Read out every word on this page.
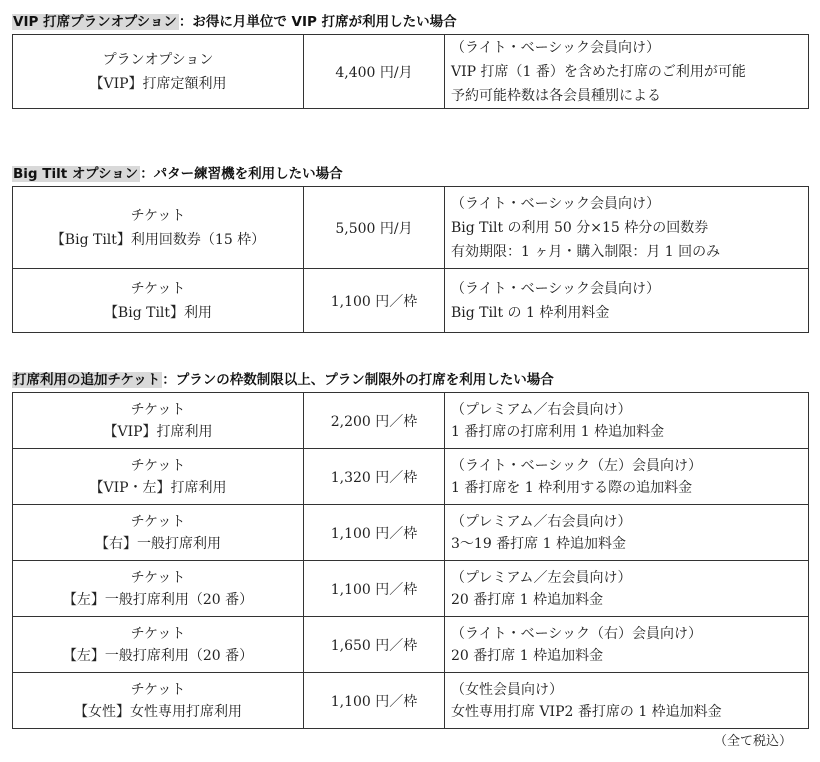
VIP 打席プランオプション ：お得に月単位で VIP 打席が利用したい場合
プランオプション
【VIP】打席定額利用
	4,400 円/月	
（ライト・ベーシック会員向け）
VIP 打席（1 番）を含めた打席のご利用が可能
予約可能枠数は各会員種別による
Big Tilt オプション ：パター練習機を利用したい場合
チケット
【Big Tilt】利用回数券（15 枠）	5,500 円/月	（ライト・ベーシック会員向け）
Big Tilt の利用 50 分×15 枠分の回数券
有効期限：1 ヶ月・購入制限：月 1 回のみ

チケット
【Big Tilt】利用	1,100 円／枠	（ライト・ベーシック会員向け）
Big Tilt の 1 枠利用料金
打席利用の追加チケット ：プランの枠数制限以上、プラン制限外の打席を利用したい場合
チケット
【VIP】打席利用	2,200 円／枠	（プレミアム／右会員向け）
1 番打席の打席利用 1 枠追加料金

チケット
【VIP・左】打席利用	1,320 円／枠	（ライト・ベーシック（左）会員向け）
1 番打席を 1 枠利用する際の追加料金

チケット
【右】一般打席利用	1,100 円／枠	（プレミアム／右会員向け）
3～19 番打席 1 枠追加料金

チケット
【左】一般打席利用（20 番）	1,100 円／枠	（プレミアム／左会員向け）
20 番打席 1 枠追加料金

チケット
【左】一般打席利用（20 番）	1,650 円／枠	（ライト・ベーシック（右）会員向け）
20 番打席 1 枠追加料金

チケット
【女性】女性専用打席利用	1,100 円／枠	（女性会員向け）
女性専用打席 VIP2 番打席の 1 枠追加料金
（全て税込）
